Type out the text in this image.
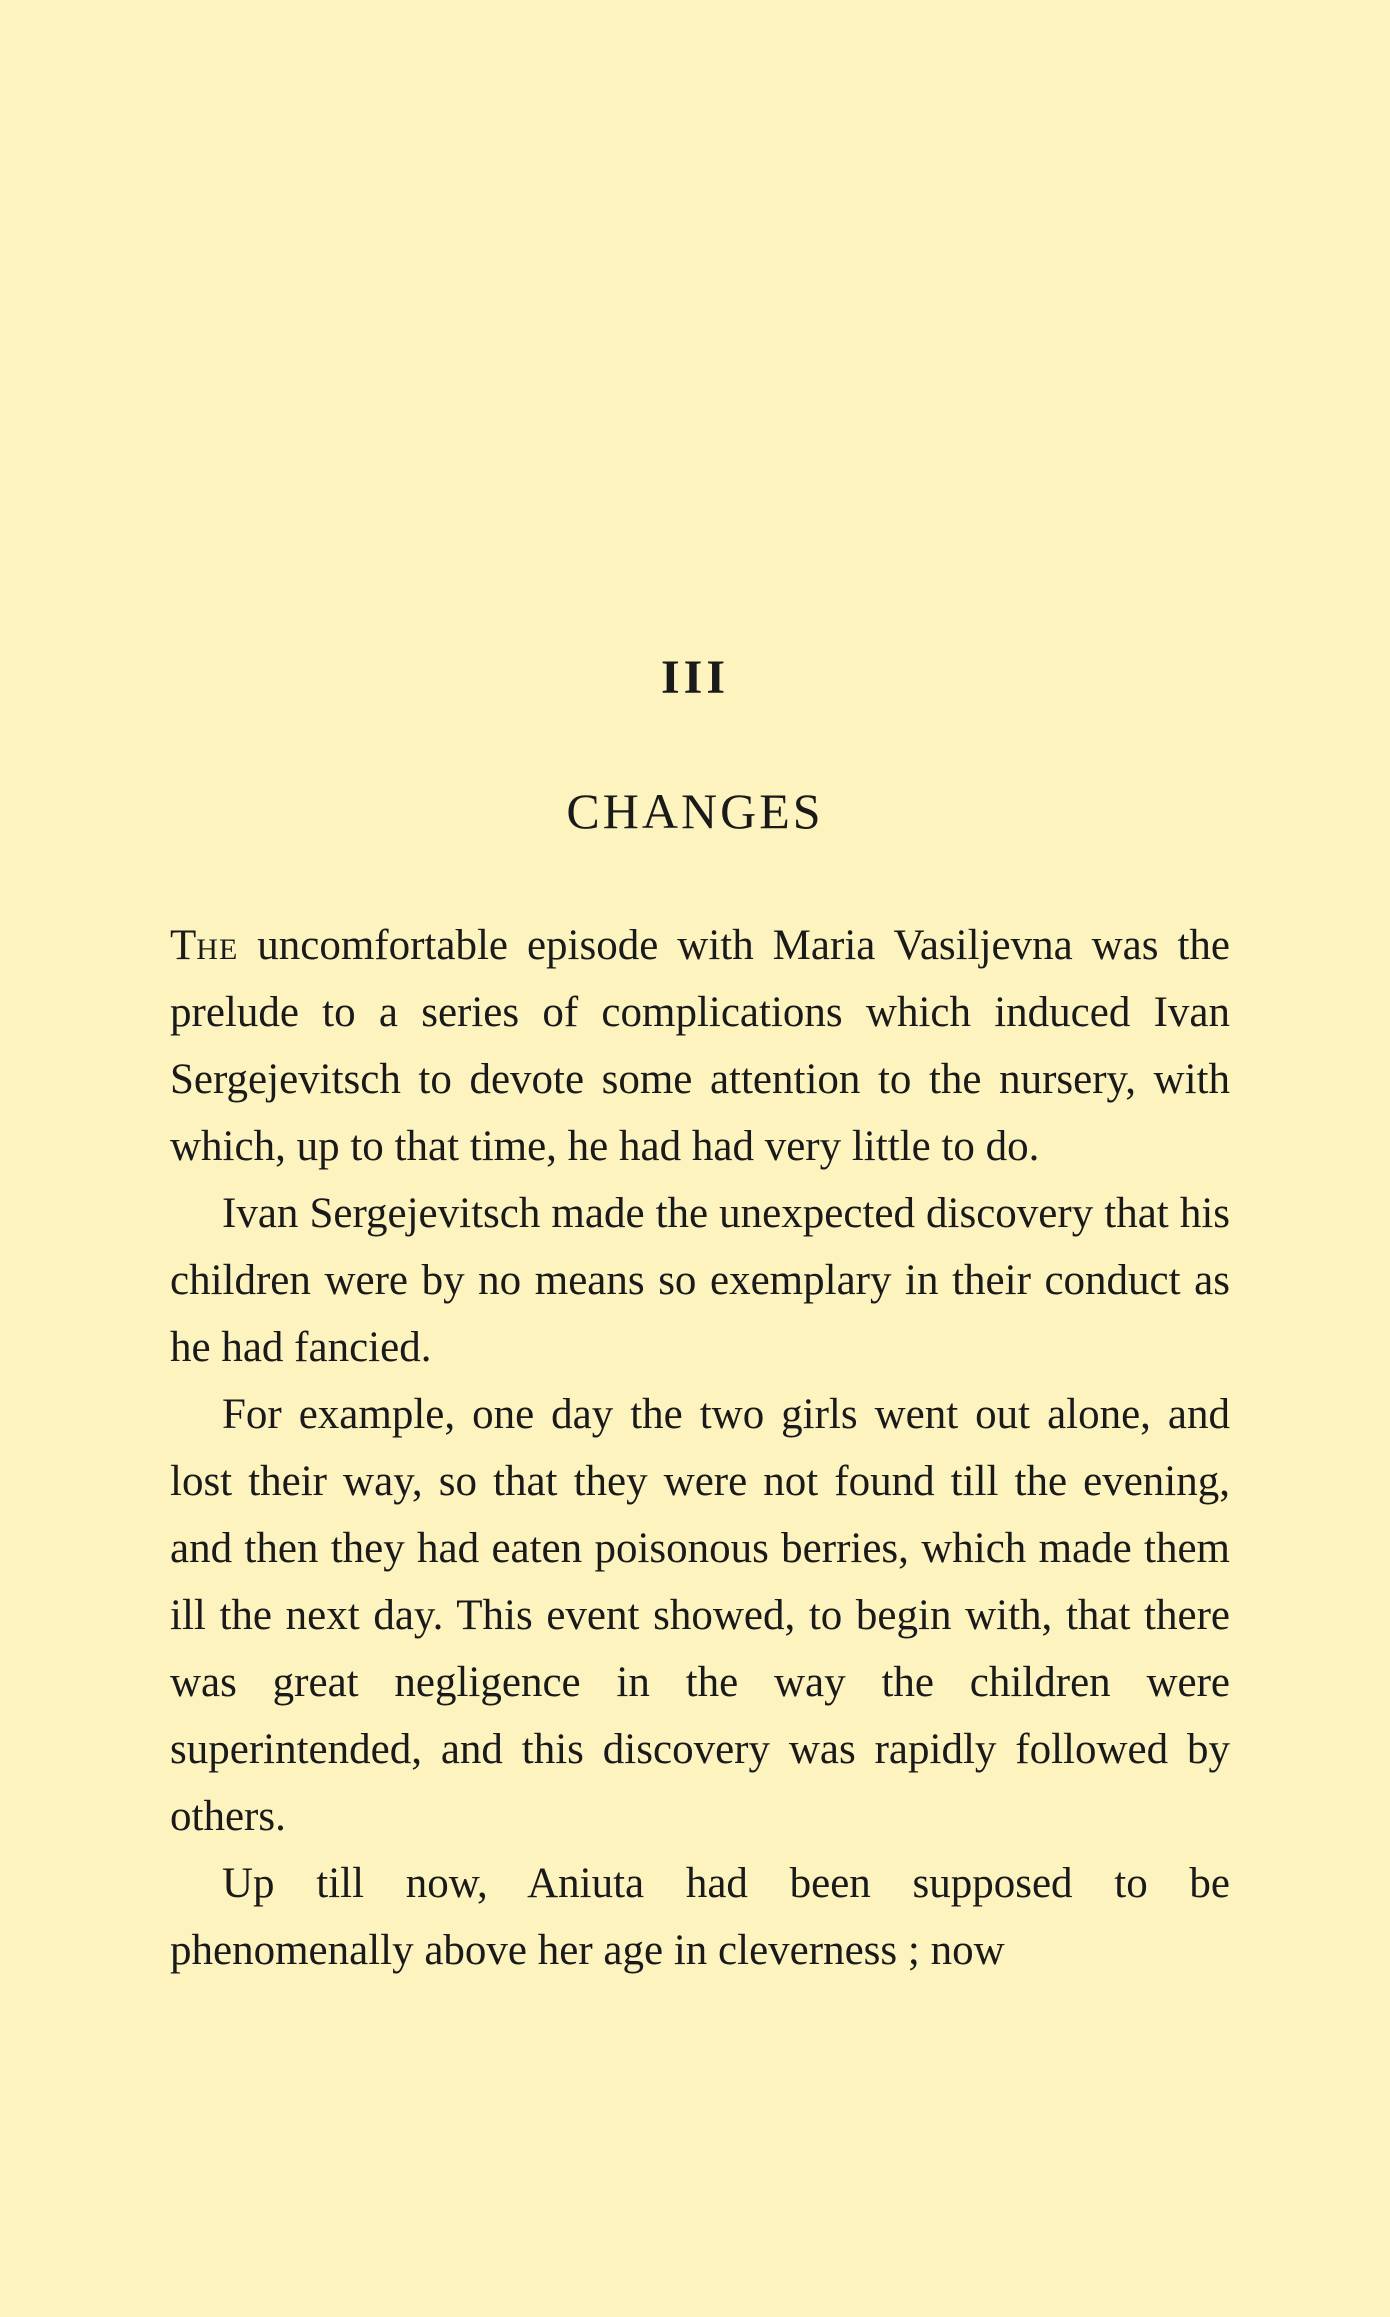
III
CHANGES

The uncomfortable episode with Maria Vasiljevna was the prelude to a series of complications which induced Ivan Sergejevitsch to devote some attention to the nursery, with which, up to that time, he had had very little to do.

Ivan Sergejevitsch made the unexpected discovery that his children were by no means so exemplary in their conduct as he had fancied.

For example, one day the two girls went out alone, and lost their way, so that they were not found till the evening, and then they had eaten poisonous berries, which made them ill the next day. This event showed, to begin with, that there was great negligence in the way the children were superintended, and this discovery was rapidly followed by others.

Up till now, Aniuta had been supposed to be phenomenally above her age in cleverness ; now
